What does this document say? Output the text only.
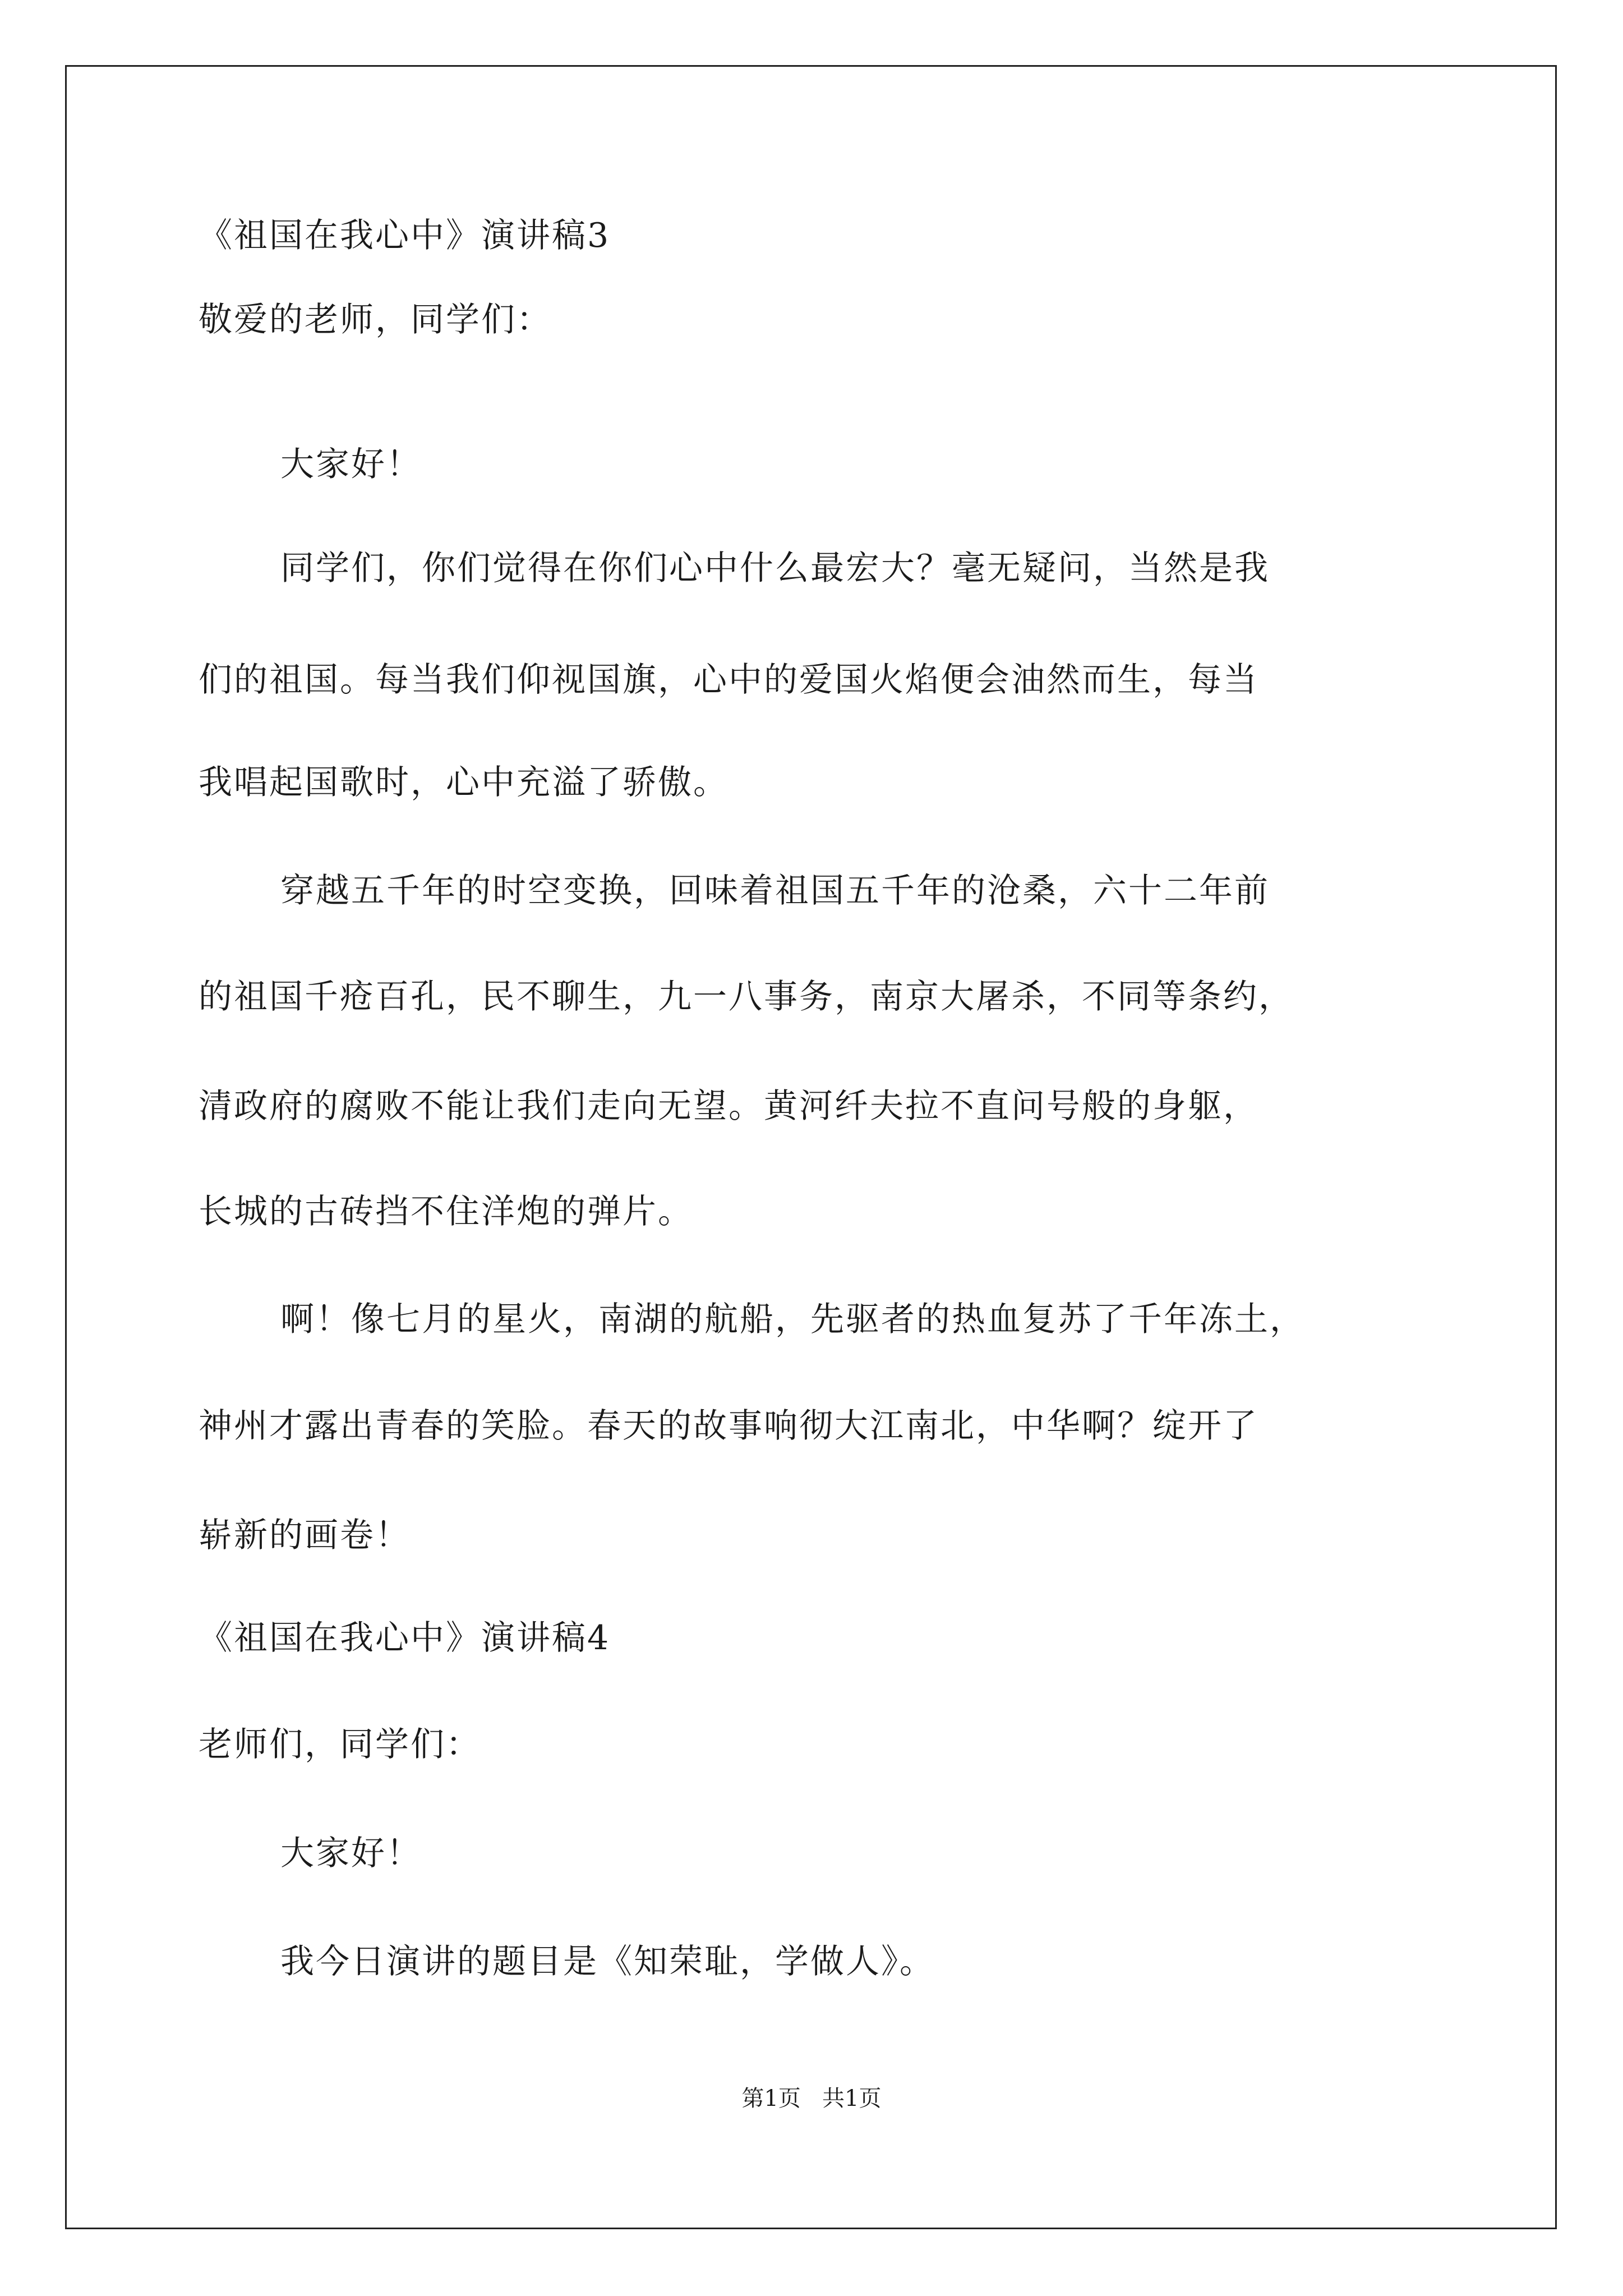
《祖国在我心中》演讲稿3
敬爱的老师，同学们：
大家好！
同学们，你们觉得在你们心中什么最宏大？毫无疑问，当然是我
们的祖国。每当我们仰视国旗，心中的爱国火焰便会油然而生，每当
我唱起国歌时，心中充溢了骄傲。
穿越五千年的时空变换，回味着祖国五千年的沧桑，六十二年前
的祖国千疮百孔，民不聊生，九一八事务，南京大屠杀，不同等条约，
清政府的腐败不能让我们走向无望。黄河纤夫拉不直问号般的身躯，
长城的古砖挡不住洋炮的弹片。
啊！像七月的星火，南湖的航船，先驱者的热血复苏了千年冻土，
神州才露出青春的笑脸。春天的故事响彻大江南北，中华啊？绽开了
崭新的画卷！
《祖国在我心中》演讲稿4
老师们，同学们：
大家好！
我今日演讲的题目是《知荣耻，学做人》。
第1页   共1页
